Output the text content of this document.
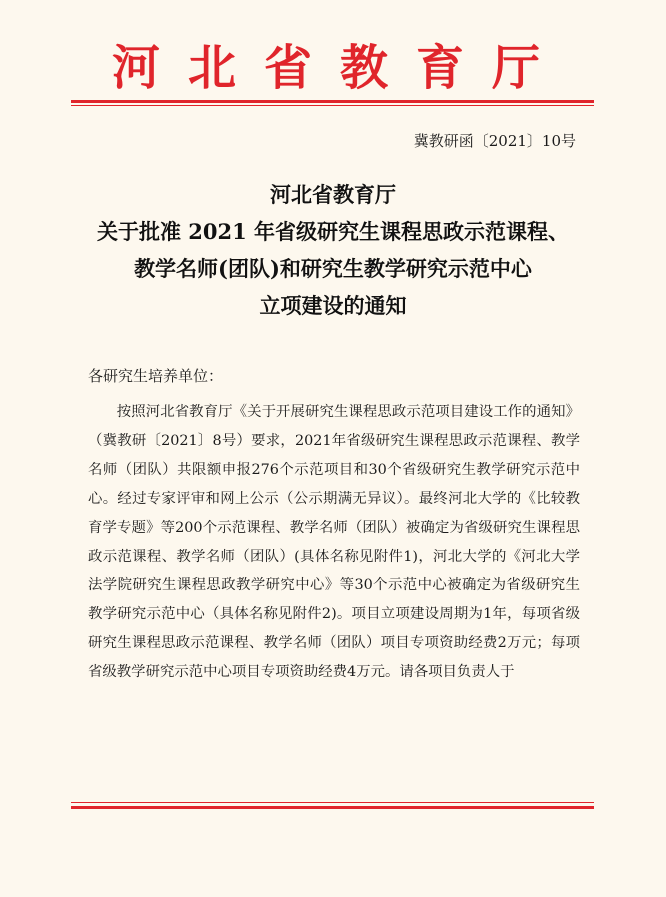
河北省教育厅
冀教研函〔2021〕10号
河北省教育厅
关于批准 2021 年省级研究生课程思政示范课程、
教学名师(团队)和研究生教学研究示范中心
立项建设的通知
各研究生培养单位：
按照河北省教育厅《关于开展研究生课程思政示范项目建设工作的通知》（冀教研〔2021〕8号）要求，2021年省级研究生课程思政示范课程、教学名师（团队）共限额申报276个示范项目和30个省级研究生教学研究示范中心。经过专家评审和网上公示（公示期满无异议）。最终河北大学的《比较教育学专题》等200个示范课程、教学名师（团队）被确定为省级研究生课程思政示范课程、教学名师（团队）(具体名称见附件1)，河北大学的《河北大学法学院研究生课程思政教学研究中心》等30个示范中心被确定为省级研究生教学研究示范中心（具体名称见附件2)。项目立项建设周期为1年，每项省级研究生课程思政示范课程、教学名师（团队）项目专项资助经费2万元；每项省级教学研究示范中心项目专项资助经费4万元。请各项目负责人于
